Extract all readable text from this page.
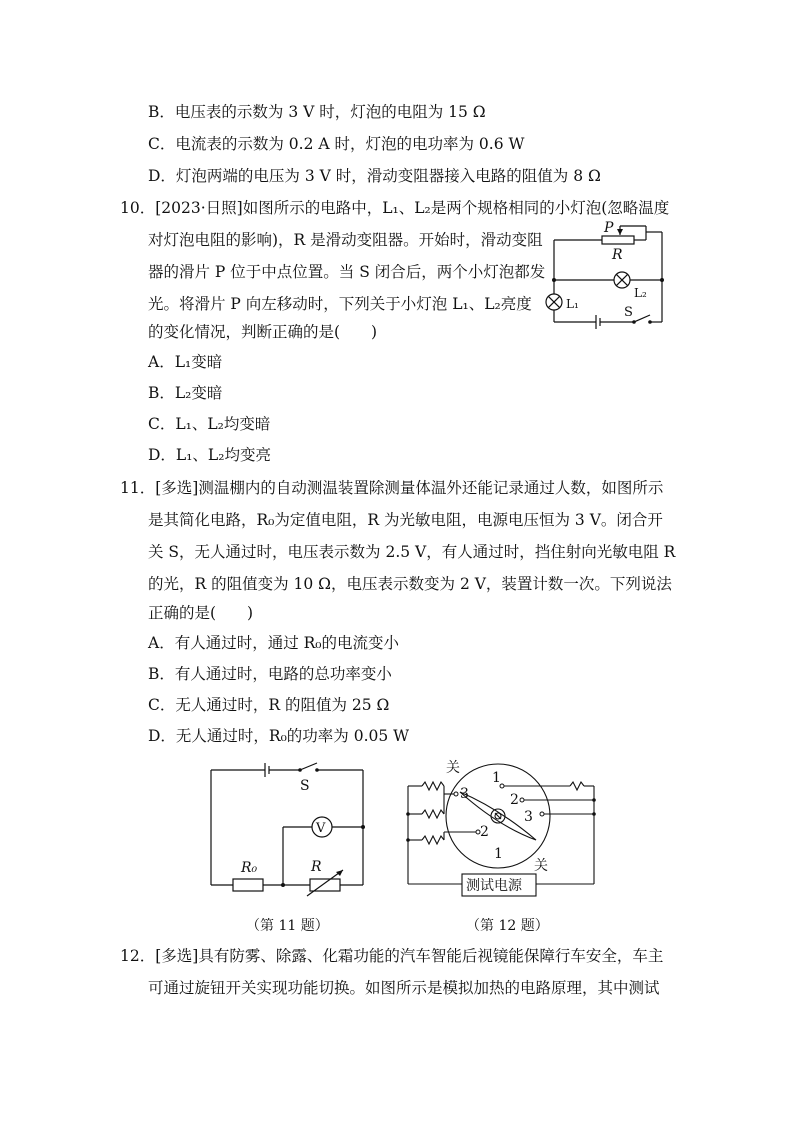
B．电压表的示数为 3 V 时，灯泡的电阻为 15 Ω
C．电流表的示数为 0.2 A 时，灯泡的电功率为 0.6 W
D．灯泡两端的电压为 3 V 时，滑动变阻器接入电路的阻值为 8 Ω
10．[2023·日照]如图所示的电路中，L₁、L₂是两个规格相同的小灯泡(忽略温度
对灯泡电阻的影响)，R 是滑动变阻器。开始时，滑动变阻
器的滑片 P 位于中点位置。当 S 闭合后，两个小灯泡都发
光。将滑片 P 向左移动时，下列关于小灯泡 L₁、L₂亮度
的变化情况，判断正确的是(　　)
A．L₁变暗
B．L₂变暗
C．L₁、L₂均变暗
D．L₁、L₂均变亮
P
R
L₂
L₁
S
11．[多选]测温棚内的自动测温装置除测量体温外还能记录通过人数，如图所示
是其简化电路，R₀为定值电阻，R 为光敏电阻，电源电压恒为 3 V。闭合开
关 S，无人通过时，电压表示数为 2.5 V，有人通过时，挡住射向光敏电阻 R
的光，R 的阻值变为 10 Ω，电压表示数变为 2 V，装置计数一次。下列说法
正确的是(　　)
A．有人通过时，通过 R₀的电流变小
B．有人通过时，电路的总功率变小
C．无人通过时，R 的阻值为 25 Ω
D．无人通过时，R₀的功率为 0.05 W
S
V
R₀	R
（第 11 题）
测试电源
关
关
1
2
3
3
2
1
（第 12 题）
12．[多选]具有防雾、除露、化霜功能的汽车智能后视镜能保障行车安全，车主
可通过旋钮开关实现功能切换。如图所示是模拟加热的电路原理，其中测试
